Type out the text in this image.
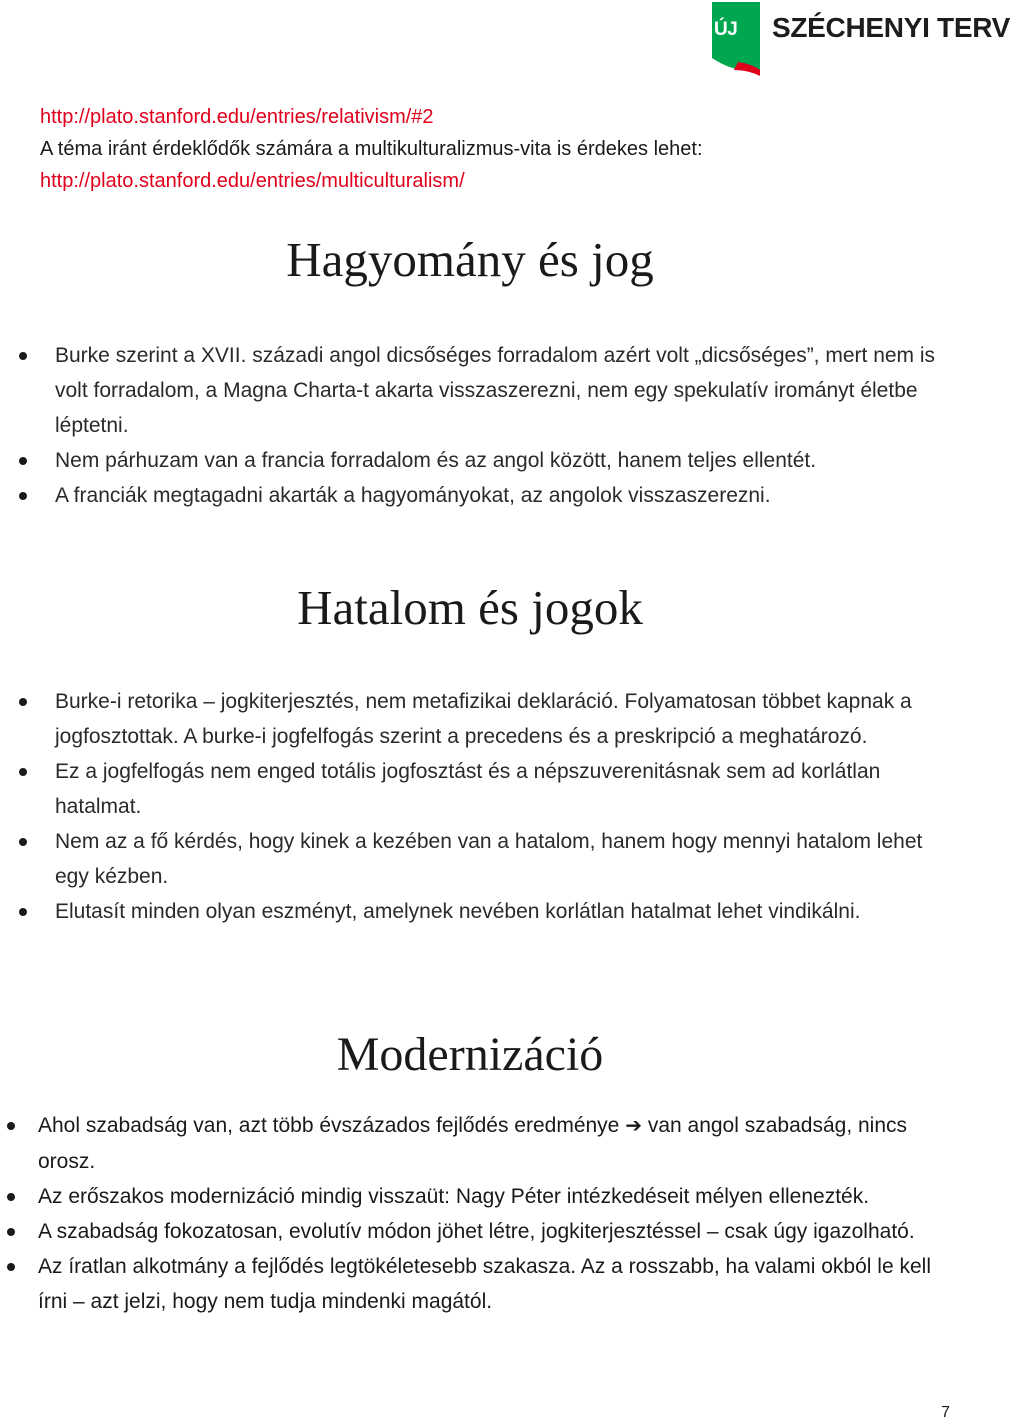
ÚJ SZÉCHENYI TERV
http://plato.stanford.edu/entries/relativism/#2
A téma iránt érdeklődők számára a multikulturalizmus-vita is érdekes lehet:
http://plato.stanford.edu/entries/multiculturalism/
Hagyomány és jog
Burke szerint a XVII. századi angol dicsőséges forradalom azért volt „dicsőséges”, mert nem is volt forradalom, a Magna Charta-t akarta visszaszerezni, nem egy spekulatív irományt életbe léptetni.
Nem párhuzam van a francia forradalom és az angol között, hanem teljes ellentét.
A franciák megtagadni akarták a hagyományokat, az angolok visszaszerezni.
Hatalom és jogok
Burke-i retorika – jogkiterjesztés, nem metafizikai deklaráció. Folyamatosan többet kapnak a jogfosztottak. A burke-i jogfelfogás szerint a precedens és a preskripció a meghatározó.
Ez a jogfelfogás nem enged totális jogfosztást és a népszuverenitásnak sem ad korlátlan hatalmat.
Nem az a fő kérdés, hogy kinek a kezében van a hatalom, hanem hogy mennyi hatalom lehet egy kézben.
Elutasít minden olyan eszményt, amelynek nevében korlátlan hatalmat lehet vindikálni.
Modernizáció
Ahol szabadság van, azt több évszázados fejlődés eredménye ➔ van angol szabadság, nincs orosz.
Az erőszakos modernizáció mindig visszaüt: Nagy Péter intézkedéseit mélyen ellenezték.
A szabadság fokozatosan, evolutív módon jöhet létre, jogkiterjesztéssel – csak úgy igazolható.
Az íratlan alkotmány a fejlődés legtökéletesebb szakasza. Az a rosszabb, ha valami okból le kell írni – azt jelzi, hogy nem tudja mindenki magától.
7
